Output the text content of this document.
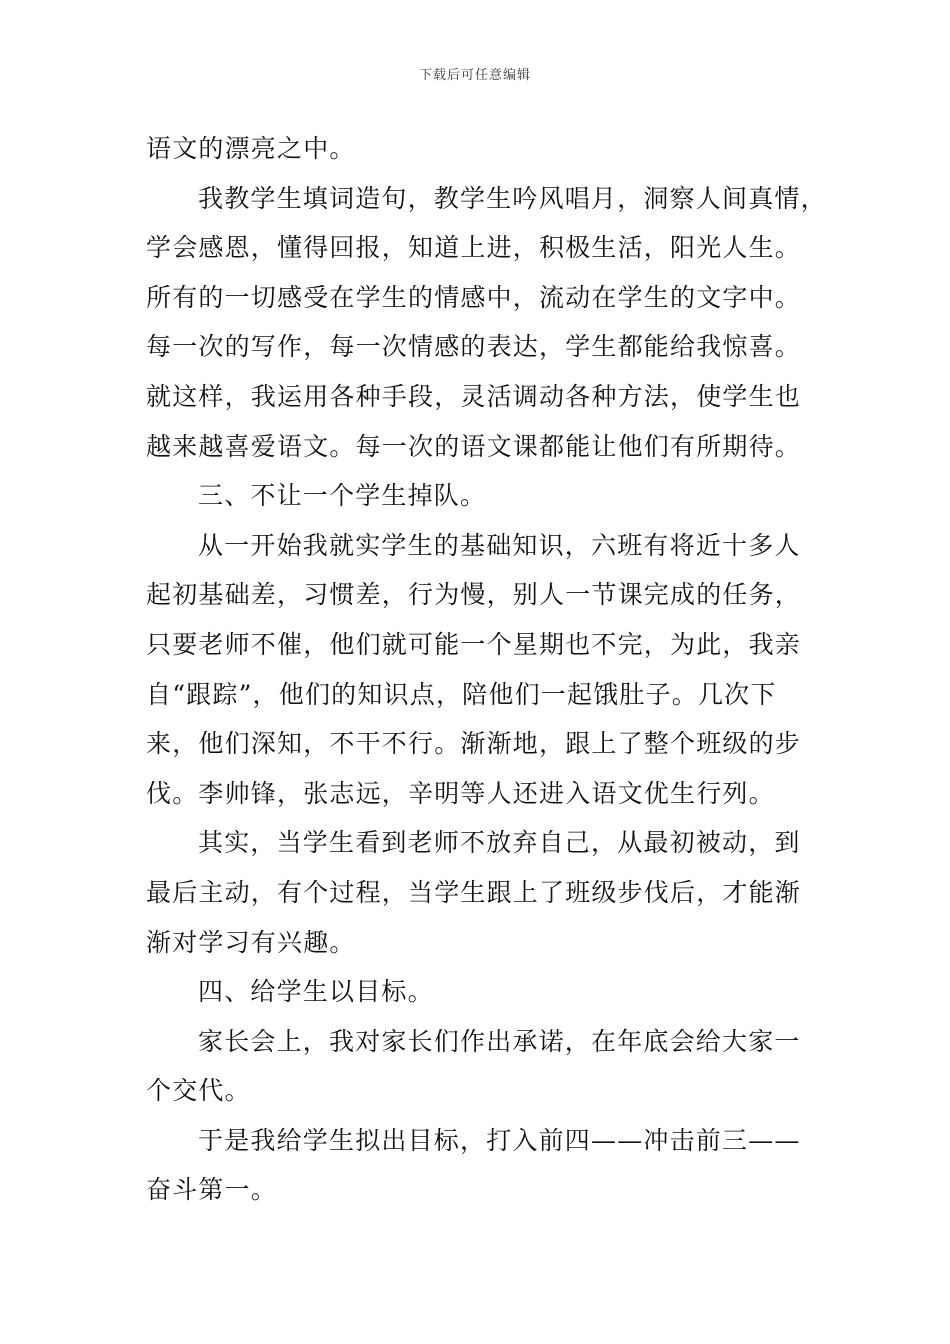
下载后可任意编辑
语文的漂亮之中。
我教学生填词造句，教学生吟风唱月，洞察人间真情，
学会感恩，懂得回报，知道上进，积极生活，阳光人生。
所有的一切感受在学生的情感中，流动在学生的文字中。
每一次的写作，每一次情感的表达，学生都能给我惊喜。
就这样，我运用各种手段，灵活调动各种方法，使学生也
越来越喜爱语文。每一次的语文课都能让他们有所期待。
三、不让一个学生掉队。
从一开始我就实学生的基础知识，六班有将近十多人
起初基础差，习惯差，行为慢，别人一节课完成的任务，
只要老师不催，他们就可能一个星期也不完，为此，我亲
自“跟踪”，他们的知识点，陪他们一起饿肚子。几次下
来，他们深知，不干不行。渐渐地，跟上了整个班级的步
伐。李帅锋，张志远，辛明等人还进入语文优生行列。
其实，当学生看到老师不放弃自己，从最初被动，到
最后主动，有个过程，当学生跟上了班级步伐后，才能渐
渐对学习有兴趣。
四、给学生以目标。
家长会上，我对家长们作出承诺，在年底会给大家一
个交代。
于是我给学生拟出目标，打入前四——冲击前三——
奋斗第一。
